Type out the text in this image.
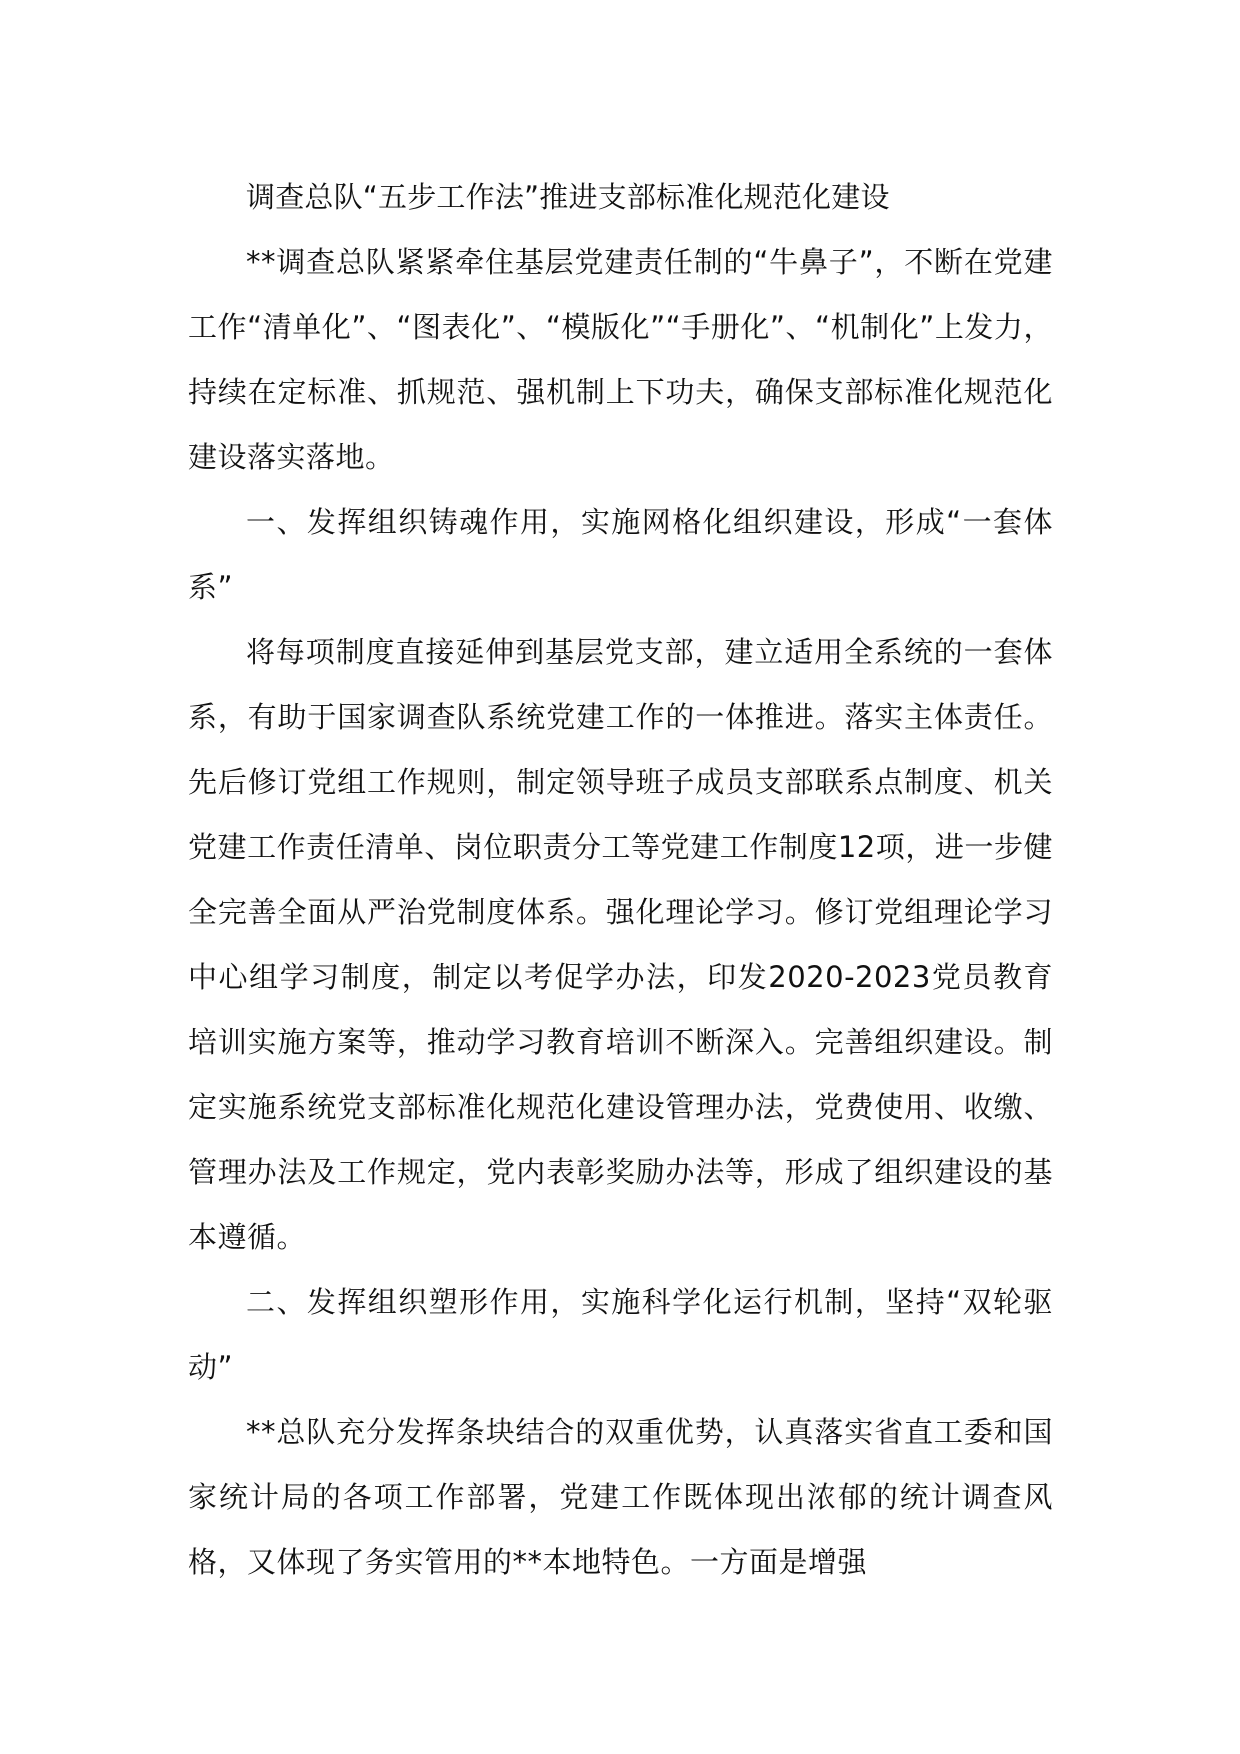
调查总队“五步工作法”推进支部标准化规范化建设

**调查总队紧紧牵住基层党建责任制的“牛鼻子”，不断在党建工作“清单化”、“图表化”、“模版化”“手册化”、“机制化”上发力，持续在定标准、抓规范、强机制上下功夫，确保支部标准化规范化建设落实落地。

一、发挥组织铸魂作用，实施网格化组织建设，形成“一套体系”

将每项制度直接延伸到基层党支部，建立适用全系统的一套体系，有助于国家调查队系统党建工作的一体推进。落实主体责任。先后修订党组工作规则，制定领导班子成员支部联系点制度、机关党建工作责任清单、岗位职责分工等党建工作制度12项，进一步健全完善全面从严治党制度体系。强化理论学习。修订党组理论学习中心组学习制度，制定以考促学办法，印发2020-2023党员教育培训实施方案等，推动学习教育培训不断深入。完善组织建设。制定实施系统党支部标准化规范化建设管理办法，党费使用、收缴、管理办法及工作规定，党内表彰奖励办法等，形成了组织建设的基本遵循。

二、发挥组织塑形作用，实施科学化运行机制，坚持“双轮驱动”

**总队充分发挥条块结合的双重优势，认真落实省直工委和国家统计局的各项工作部署，党建工作既体现出浓郁的统计调查风格，又体现了务实管用的**本地特色。一方面是增强
